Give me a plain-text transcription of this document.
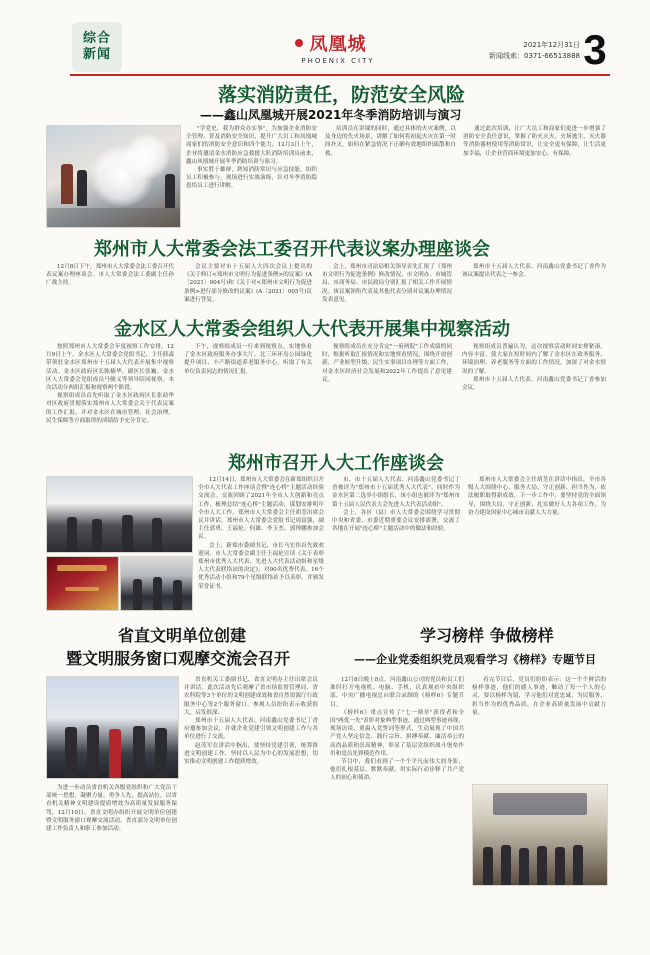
综合
新闻	凤凰城
PHOENIX CITY
2021年12月31日
新闻线索：0371-66513888 3
落实消防责任，防范安全风险
——鑫山凤凰城开展2021年冬季消防培训与演习

"学党史，我为群众办实事"。为加强企业消防安全管理，普及消防安全知识，提升广大员工和凤凰城商家们的消防安全意识和四个能力，12月3日上午，企业将邀请金水消防应急救援大队消防培训员前来，鑫山凤凰城开展冬季消防培训与演习。

事实胜于雄辩，熟知消防常识与应急技能，组织员工积极参与，现场进行实战演练，针对冬季消防隐患给员工进行讲解。

培训员在讲课的同时，通过具体的火灾案例，以及身边的失火场景，讲解了如何将初起火灾在第一时间扑灭，如何在紧急情况下正确有效地组织疏散和自救。

通过此次培训，让广大员工和商家们更进一步增强了消防安全责任意识，掌握了防火灭火、火场逃生、灭火器等消防器材使用等消防常识，让安全更有保障，让生活更加幸福，让企业营商环境更加安心、有保障。

郑州市人大常委会法工委召开代表议案办理座谈会

12月8日下午，郑州市人大常委会法工委召开代表议案办理座谈会。市人大常委会法工委副主任孙广战主持。

会议主要对市十五届人大四次会议上提出的《关于修订<郑州市文明行为促进条例>的议案》(A〔2021〕004号)和《关于对<郑州市文明行为促进条例>进行部分修改的议案》(A〔2021〕005号)议案进行答复。

会上，郑州市司法局相关领导首先汇报了《郑州市文明行为促进条例》修改情况，市文明办、市城管局、市商务局、市民政局分别汇报了相关工作开展情况。该议案领衔代表及其他代表分别对议案办理情况发表意见。

郑州市十五届人大代表、河南鑫山党委书记丁香作为该议案提出代表之一参会。

金水区人大常委会组织人大代表开展集中视察活动

按照郑州市人大常委会年度视察工作安排，12月9日上午，金水区人大常委会党组书记、主任薛森带领驻金水区郑州市十五届人大代表开展集中视察活动。金水区政府区长陈楠华、副区长张巍、金水区人大常委会党组成员马骏义等领导陪同视察。本次活动分两组汇报和视察两个阶段。

视察组成员首先听取了金水区政府区长张劼华对区政府贯彻落实郑州市人大常委会关于代表议案的工作汇报，并对金水区在城市管理、社会治理、民生保障等方面取得的成绩给予充分肯定。

下午，视察组成员一行来到视察点，实地察看了金水区政府服务办事大厅、北三环环岛公园绿化提升项目、丰产路街道养老服务中心，听取了有关单位负责同志的情况汇报。

视察组成员在充分肯定"一府两院"工作成绩的同时，根据听取汇报情况和实地察看情况，围绕开放创新、产业转型升级、民生实事项目办理等方面工作，对金水区经济社会发展和2022年工作提出了意见建议。

视察组成员普遍认为，这次视察活动时间安排紧凑、内容丰富，使大家在短时间内了解了金水区在政务服务、环境治理、养老服务等方面的工作情况，加深了对金水情况的了解。

郑州市十五届人大代表、河南鑫山党委书记丁香参加会议。

郑州市召开人大工作座谈会

12月14日，郑州市人大常委会在新郑组织召开全市人大代表工作座谈会暨"连心桥"主题活动经验交流会。交流回顾了2021年全市人大创新和亮点工作，梳理总结"连心桥"主题活动，谋划安排明年全市人大工作。郑州市人大常委会主任胡荃出席会议并讲话。郑州市人大常委会党组书记周富强，副主任郭勇、王福伦、何雄、李玉杰、郭钟鹏参加会议。

会上，新郑市委副书记、市长马宏伟首先致欢迎词。市人大常委会副主任王福伦宣读《关于表彰郑州市优秀人大代表、先进人大代表活动组和星级人大代表联络站的决定》，对90名优秀代表、16个优秀活动小组和79个星级联络站予以表彰，并颁发荣誉证书。

市、市十五届人大代表、河南鑫山党委书记丁香被评为"郑州市十五届优秀人大代表"。同时作为金水区第二选举小组组长，该小组也被评为"郑州市第十五届人民代表大会先进人大代表活动组"。

会上，各区（县）市人大常委会围绕学习贯彻中央和省委、市委近期重要会议安排部署，交流了各地在开展"连心桥"主题活动中的做法和经验。

郑州市人大常委会主任胡荃在讲话中指出，全市各级人大围绕中心、服务大局，守正创新、担当作为，依法履职取得新成效。下一步工作中，要坚持党的全面领导，围绕大局，守正创新，扎实做好人大各项工作，为奋力建设国家中心城市贡献人大力量。

省直文明单位创建
暨文明服务窗口观摩交流会召开

为进一步动员省直机关各级党组织和广大党员干部统一思想、凝聚力量、勇争人先，提高站位，以省直机关精神文明建设提质增效为高质量发展服务保驾，12月10日，省直文明办组织开展文明单位创建暨文明服务窗口观摩交流活动。省直部分文明单位创建工作负责人和职工参加活动。

省直机关工委副书记、省直文明办主任出席会议并讲话。此次活动先后观摩了省市场监督管理局、省农科院等3个单位的文明创建成效和省自然资源厅行政服务中心等2个服务窗口，参观人员纷纷表示收获很大、启发很深。

郑州市十五届人大代表、河南鑫山党委书记丁香应邀参加会议，并就企业党建引领文明创建工作与各单位进行了交流。

赵茂军在讲话中指出，要坚持党建引领，统筹推进文明创建工作，坚持以人民为中心的发展思想，切实推动文明创建工作提质增效。

学习榜样 争做榜样
——企业党委组织党员观看学习《榜样》专题节目

12月8日晚上8点，河南鑫山公司的党员和员工们准时打开电视机、电脑、手机，认真观看中央组织部、中央广播电视总台联合录制的《榜样6》专题节目。

《榜样6》重点宣传了"七一勋章"获得者和全国"两优一先"表彰对象典型事迹，通过典型事迹再现、现场访谈、重温入党誓词等形式，生动展现了中国共产党人坚定信念、践行宗旨、拼搏奉献、廉洁奉公的高尚品质和崇高精神，彰显了基层党组织战斗堡垒作用和党员先锋模范作用。

节目中，我们看到了一个个平凡而伟大的身影，他们扎根基层、默默奉献，用实际行动诠释了共产党人的初心和使命。

看完节目后，党员们纷纷表示：这一个个鲜活的榜样事迹，他们的感人事迹，触动了每一个人的心灵，要以榜样为镜，学习他们对党忠诚、为民服务、担当作为的优秀品质，在企业高质量发展中贡献力量。
